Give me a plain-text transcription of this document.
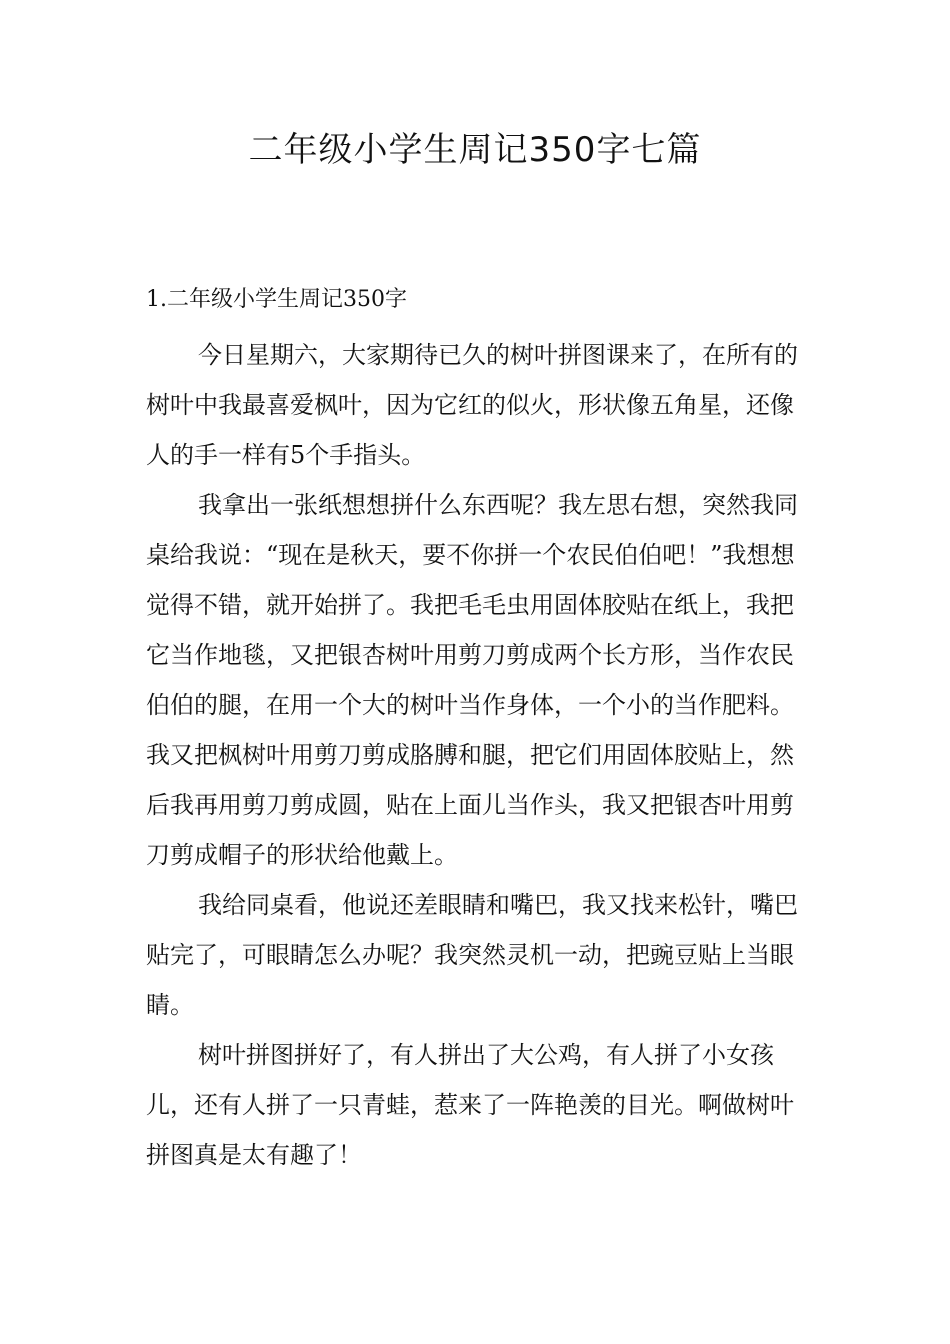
二年级小学生周记350字七篇
1.二年级小学生周记350字

今日星期六，大家期待已久的树叶拼图课来了，在所有的树叶中我最喜爱枫叶，因为它红的似火，形状像五角星，还像人的手一样有5个手指头。

我拿出一张纸想想拼什么东西呢？我左思右想，突然我同桌给我说：“现在是秋天，要不你拼一个农民伯伯吧！”我想想觉得不错，就开始拼了。我把毛毛虫用固体胶贴在纸上，我把它当作地毯，又把银杏树叶用剪刀剪成两个长方形，当作农民伯伯的腿，在用一个大的树叶当作身体，一个小的当作肥料。我又把枫树叶用剪刀剪成胳膊和腿，把它们用固体胶贴上，然后我再用剪刀剪成圆，贴在上面儿当作头，我又把银杏叶用剪刀剪成帽子的形状给他戴上。

我给同桌看，他说还差眼睛和嘴巴，我又找来松针，嘴巴贴完了，可眼睛怎么办呢？我突然灵机一动，把豌豆贴上当眼睛。

树叶拼图拼好了，有人拼出了大公鸡，有人拼了小女孩儿，还有人拼了一只青蛙，惹来了一阵艳羡的目光。啊做树叶拼图真是太有趣了！
